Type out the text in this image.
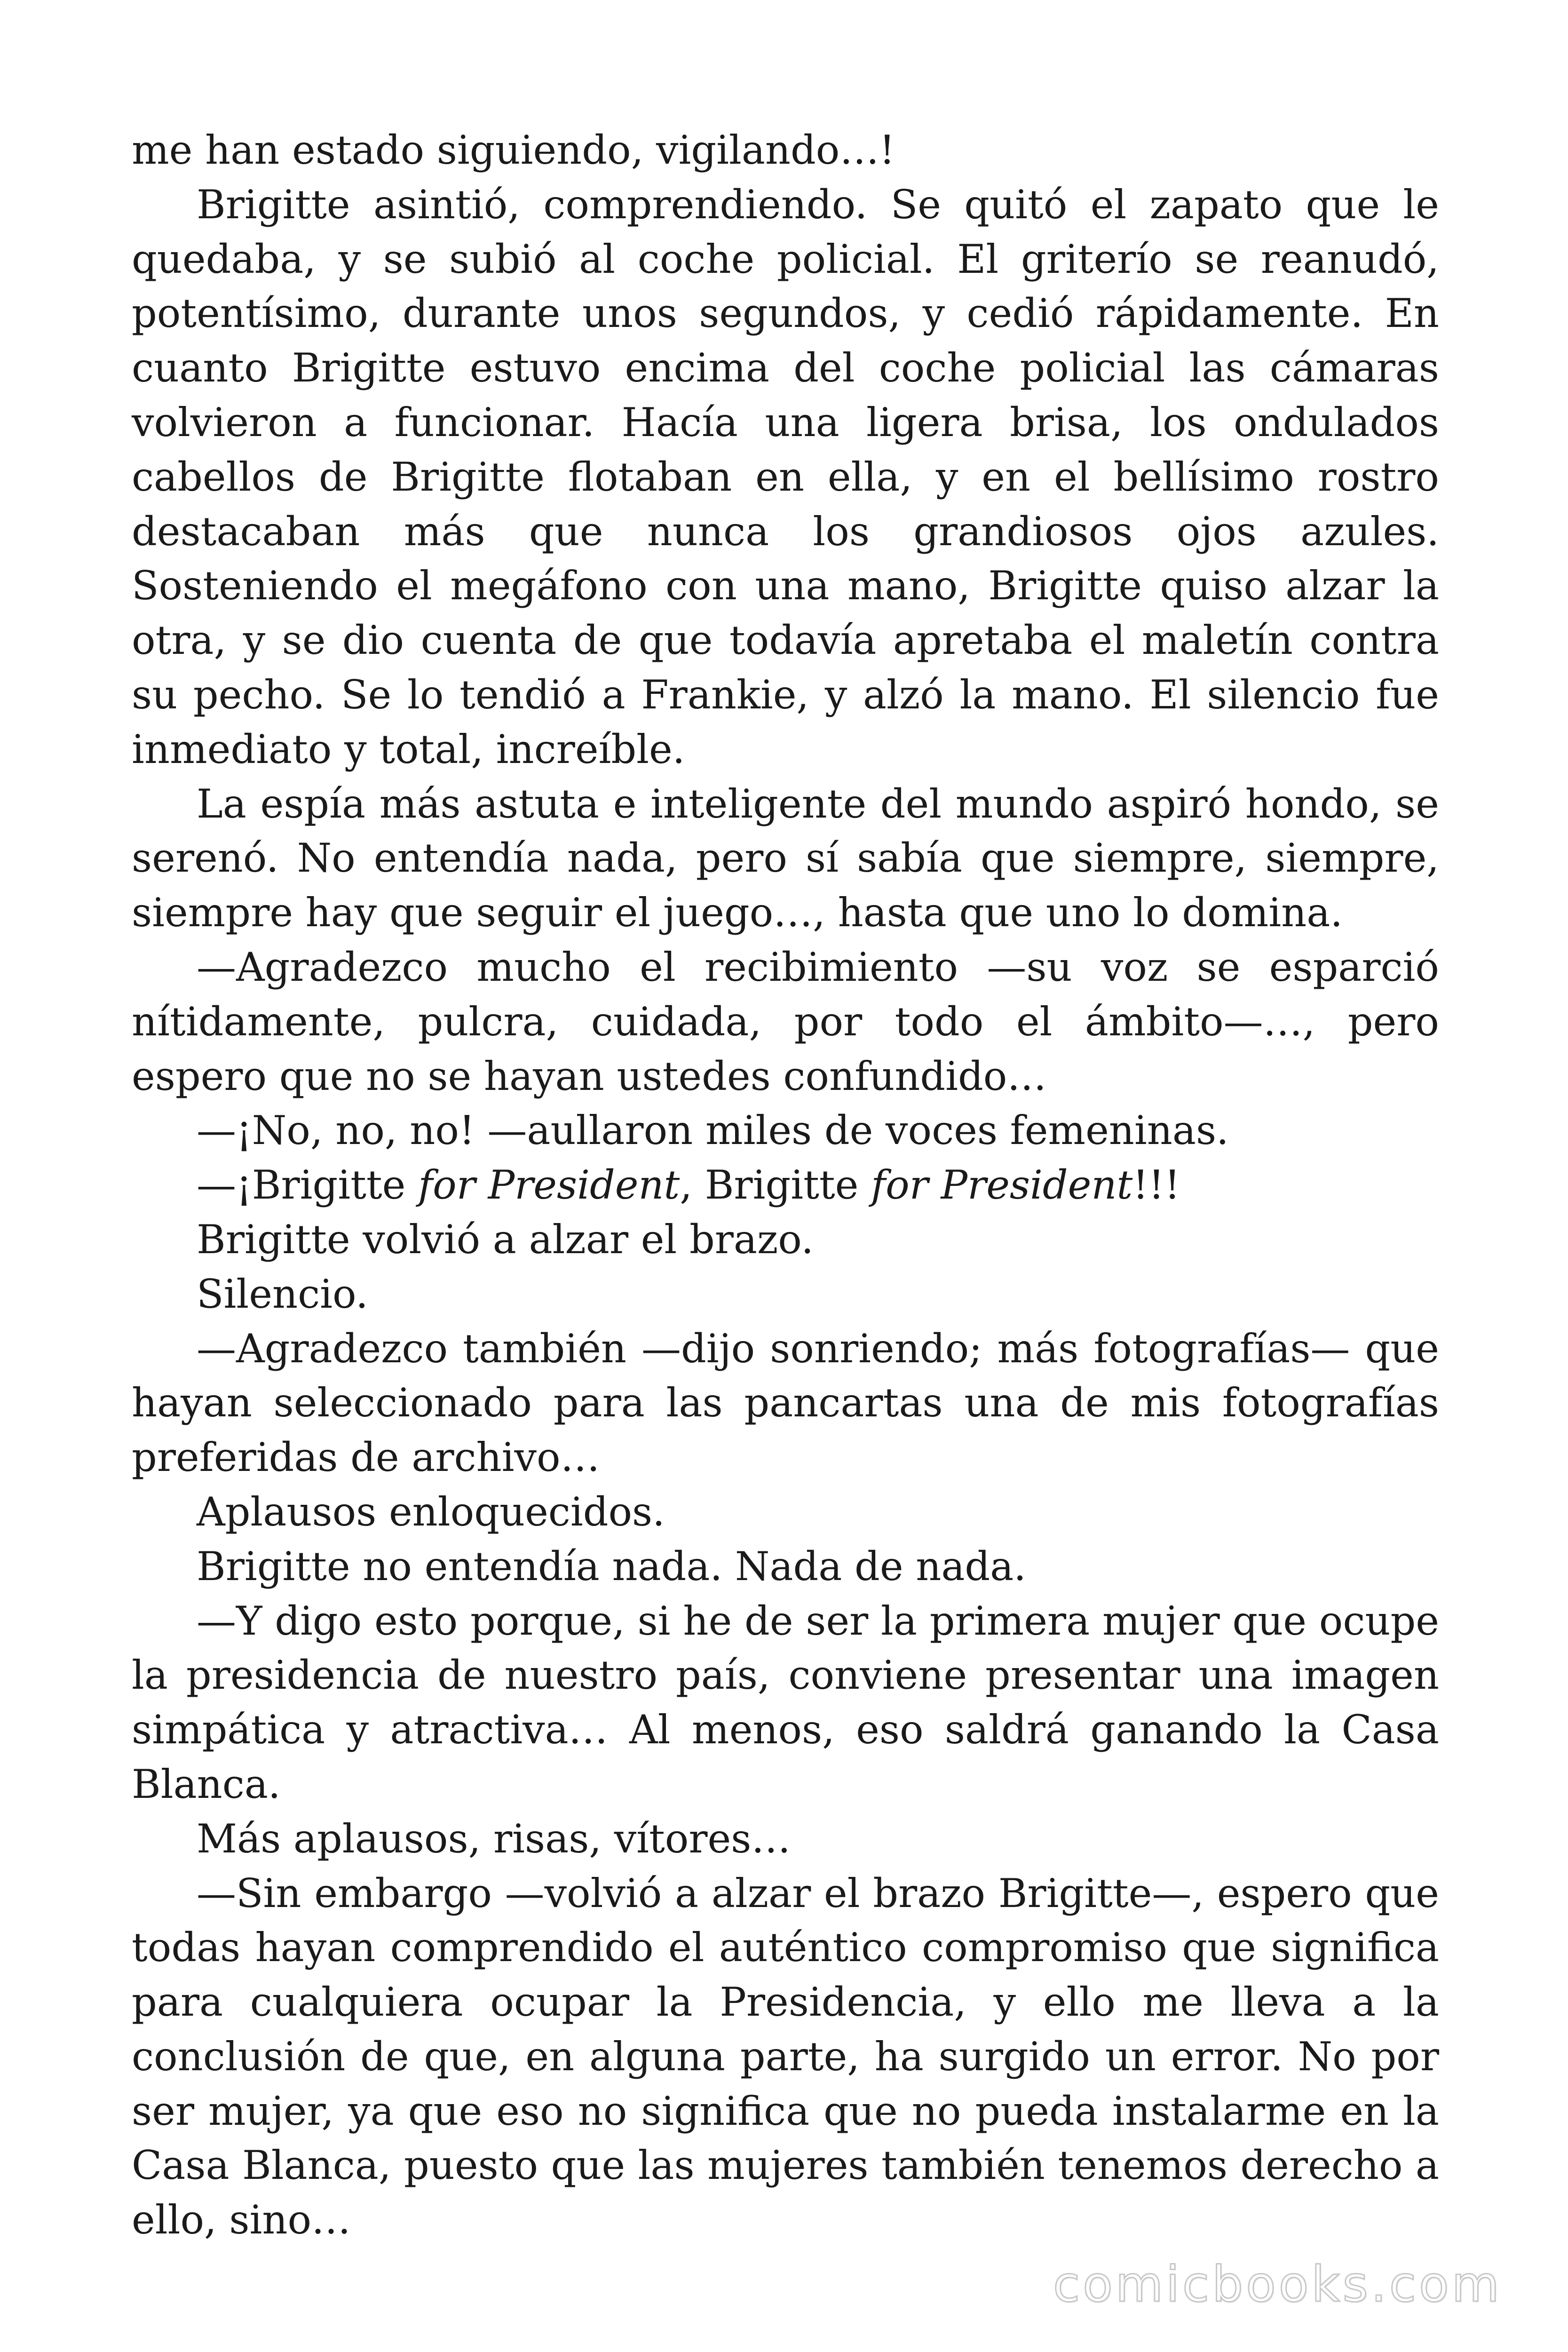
me han estado siguiendo, vigilando…!

Brigitte asintió, comprendiendo. Se quitó el zapato que le quedaba, y se subió al coche policial. El griterío se reanudó, potentísimo, durante unos segundos, y cedió rápidamente. En cuanto Brigitte estuvo encima del coche policial las cámaras volvieron a funcionar. Hacía una ligera brisa, los ondulados cabellos de Brigitte flotaban en ella, y en el bellísimo rostro destacaban más que nunca los grandiosos ojos azules. Sosteniendo el megáfono con una mano, Brigitte quiso alzar la otra, y se dio cuenta de que todavía apretaba el maletín contra su pecho. Se lo tendió a Frankie, y alzó la mano. El silencio fue inmediato y total, increíble.

La espía más astuta e inteligente del mundo aspiró hondo, se serenó. No entendía nada, pero sí sabía que siempre, siempre, siempre hay que seguir el juego…, hasta que uno lo domina.

—Agradezco mucho el recibimiento —su voz se esparció nítidamente, pulcra, cuidada, por todo el ámbito—…, pero espero que no se hayan ustedes confundido…

—¡No, no, no! —aullaron miles de voces femeninas.

—¡Brigitte for President, Brigitte for President!!!

Brigitte volvió a alzar el brazo.

Silencio.

—Agradezco también —dijo sonriendo; más fotografías— que hayan seleccionado para las pancartas una de mis fotografías preferidas de archivo…

Aplausos enloquecidos.

Brigitte no entendía nada. Nada de nada.

—Y digo esto porque, si he de ser la primera mujer que ocupe la presidencia de nuestro país, conviene presentar una imagen simpática y atractiva… Al menos, eso saldrá ganando la Casa Blanca.

Más aplausos, risas, vítores…

—Sin embargo —volvió a alzar el brazo Brigitte—, espero que todas hayan comprendido el auténtico compromiso que significa para cualquiera ocupar la Presidencia, y ello me lleva a la conclusión de que, en alguna parte, ha surgido un error. No por ser mujer, ya que eso no significa que no pueda instalarme en la Casa Blanca, puesto que las mujeres también tenemos derecho a ello, sino…

comicbooks.com
